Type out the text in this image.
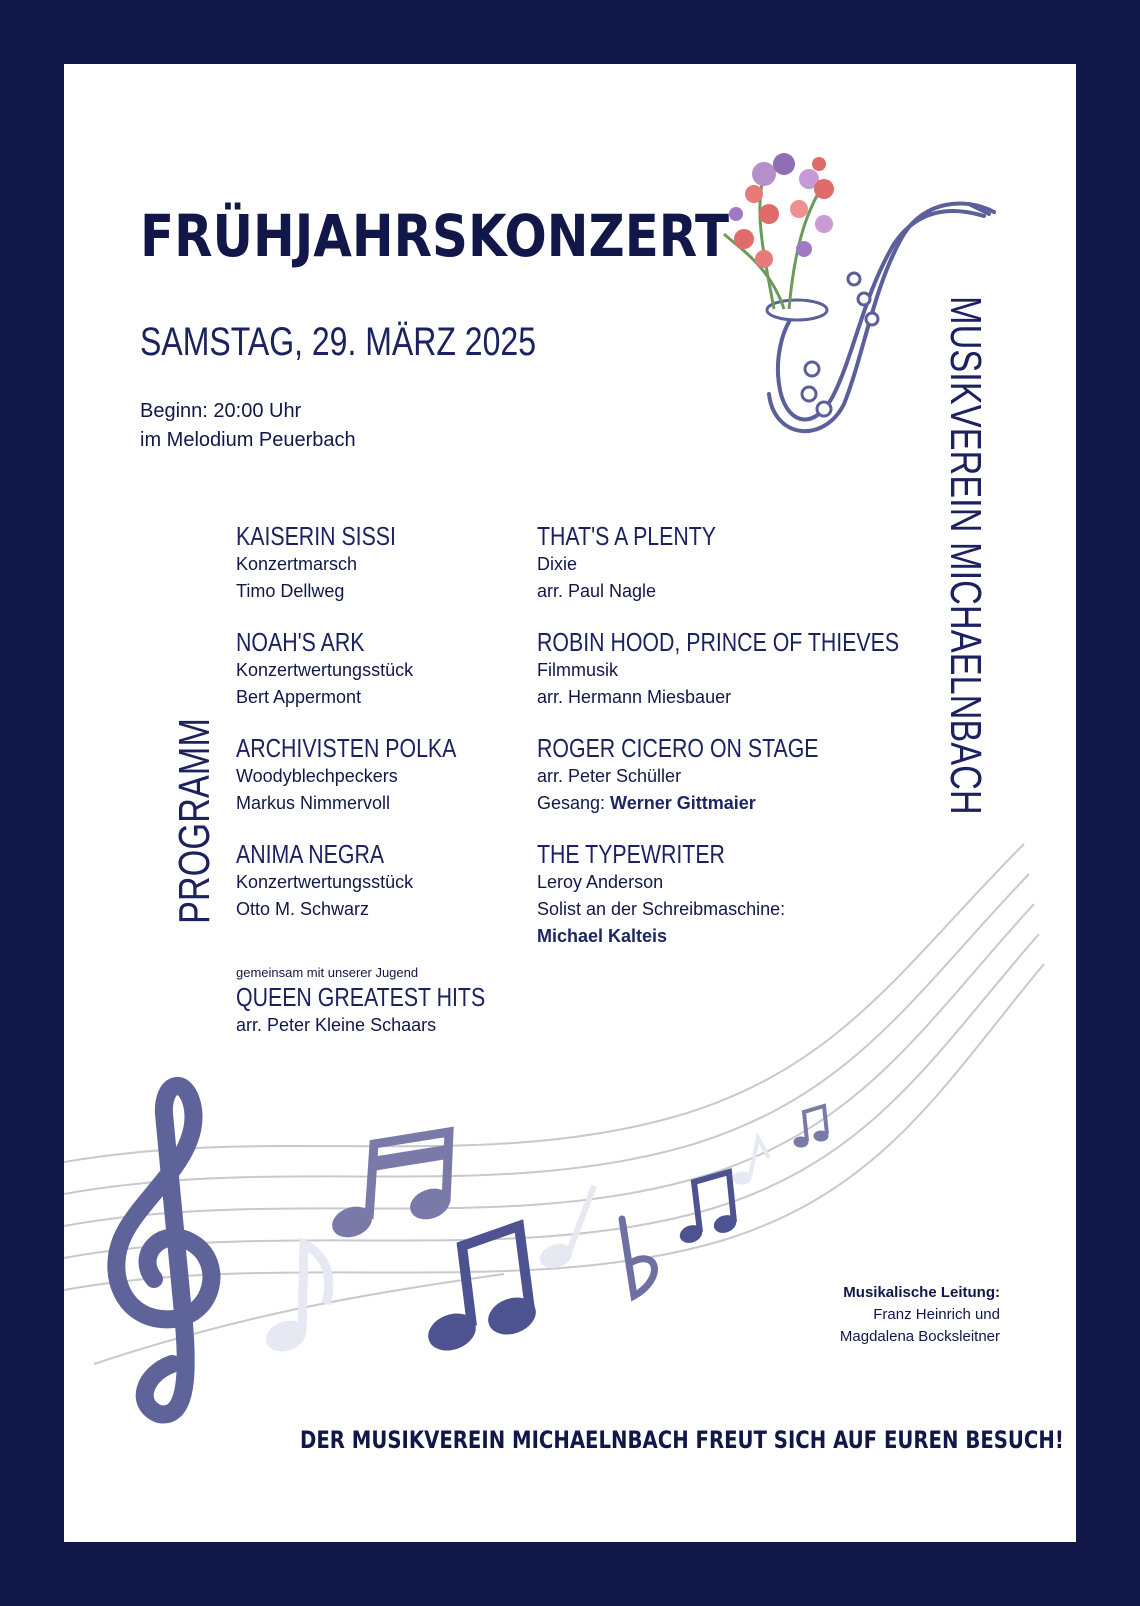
FRÜHJAHRSKONZERT
SAMSTAG, 29. MÄRZ 2025
Beginn: 20:00 Uhr
im Melodium Peuerbach
PROGRAMM
MUSIKVEREIN MICHAELNBACH
KAISERIN SISSI
Konzertmarsch
Timo Dellweg
NOAH'S ARK
Konzertwertungsstück
Bert Appermont
ARCHIVISTEN POLKA
Woodyblechpeckers
Markus Nimmervoll
ANIMA NEGRA
Konzertwertungsstück
Otto M. Schwarz
THAT'S A PLENTY
Dixie
arr. Paul Nagle
ROBIN HOOD, PRINCE OF THIEVES
Filmmusik
arr. Hermann Miesbauer
ROGER CICERO ON STAGE
arr. Peter Schüller
Gesang: Werner Gittmaier
THE TYPEWRITER
Leroy Anderson
Solist an der Schreibmaschine:
Michael Kalteis
gemeinsam mit unserer Jugend
QUEEN GREATEST HITS
arr. Peter Kleine Schaars
Musikalische Leitung:
Franz Heinrich und
Magdalena Bocksleitner
DER MUSIKVEREIN MICHAELNBACH FREUT SICH AUF EUREN BESUCH!
